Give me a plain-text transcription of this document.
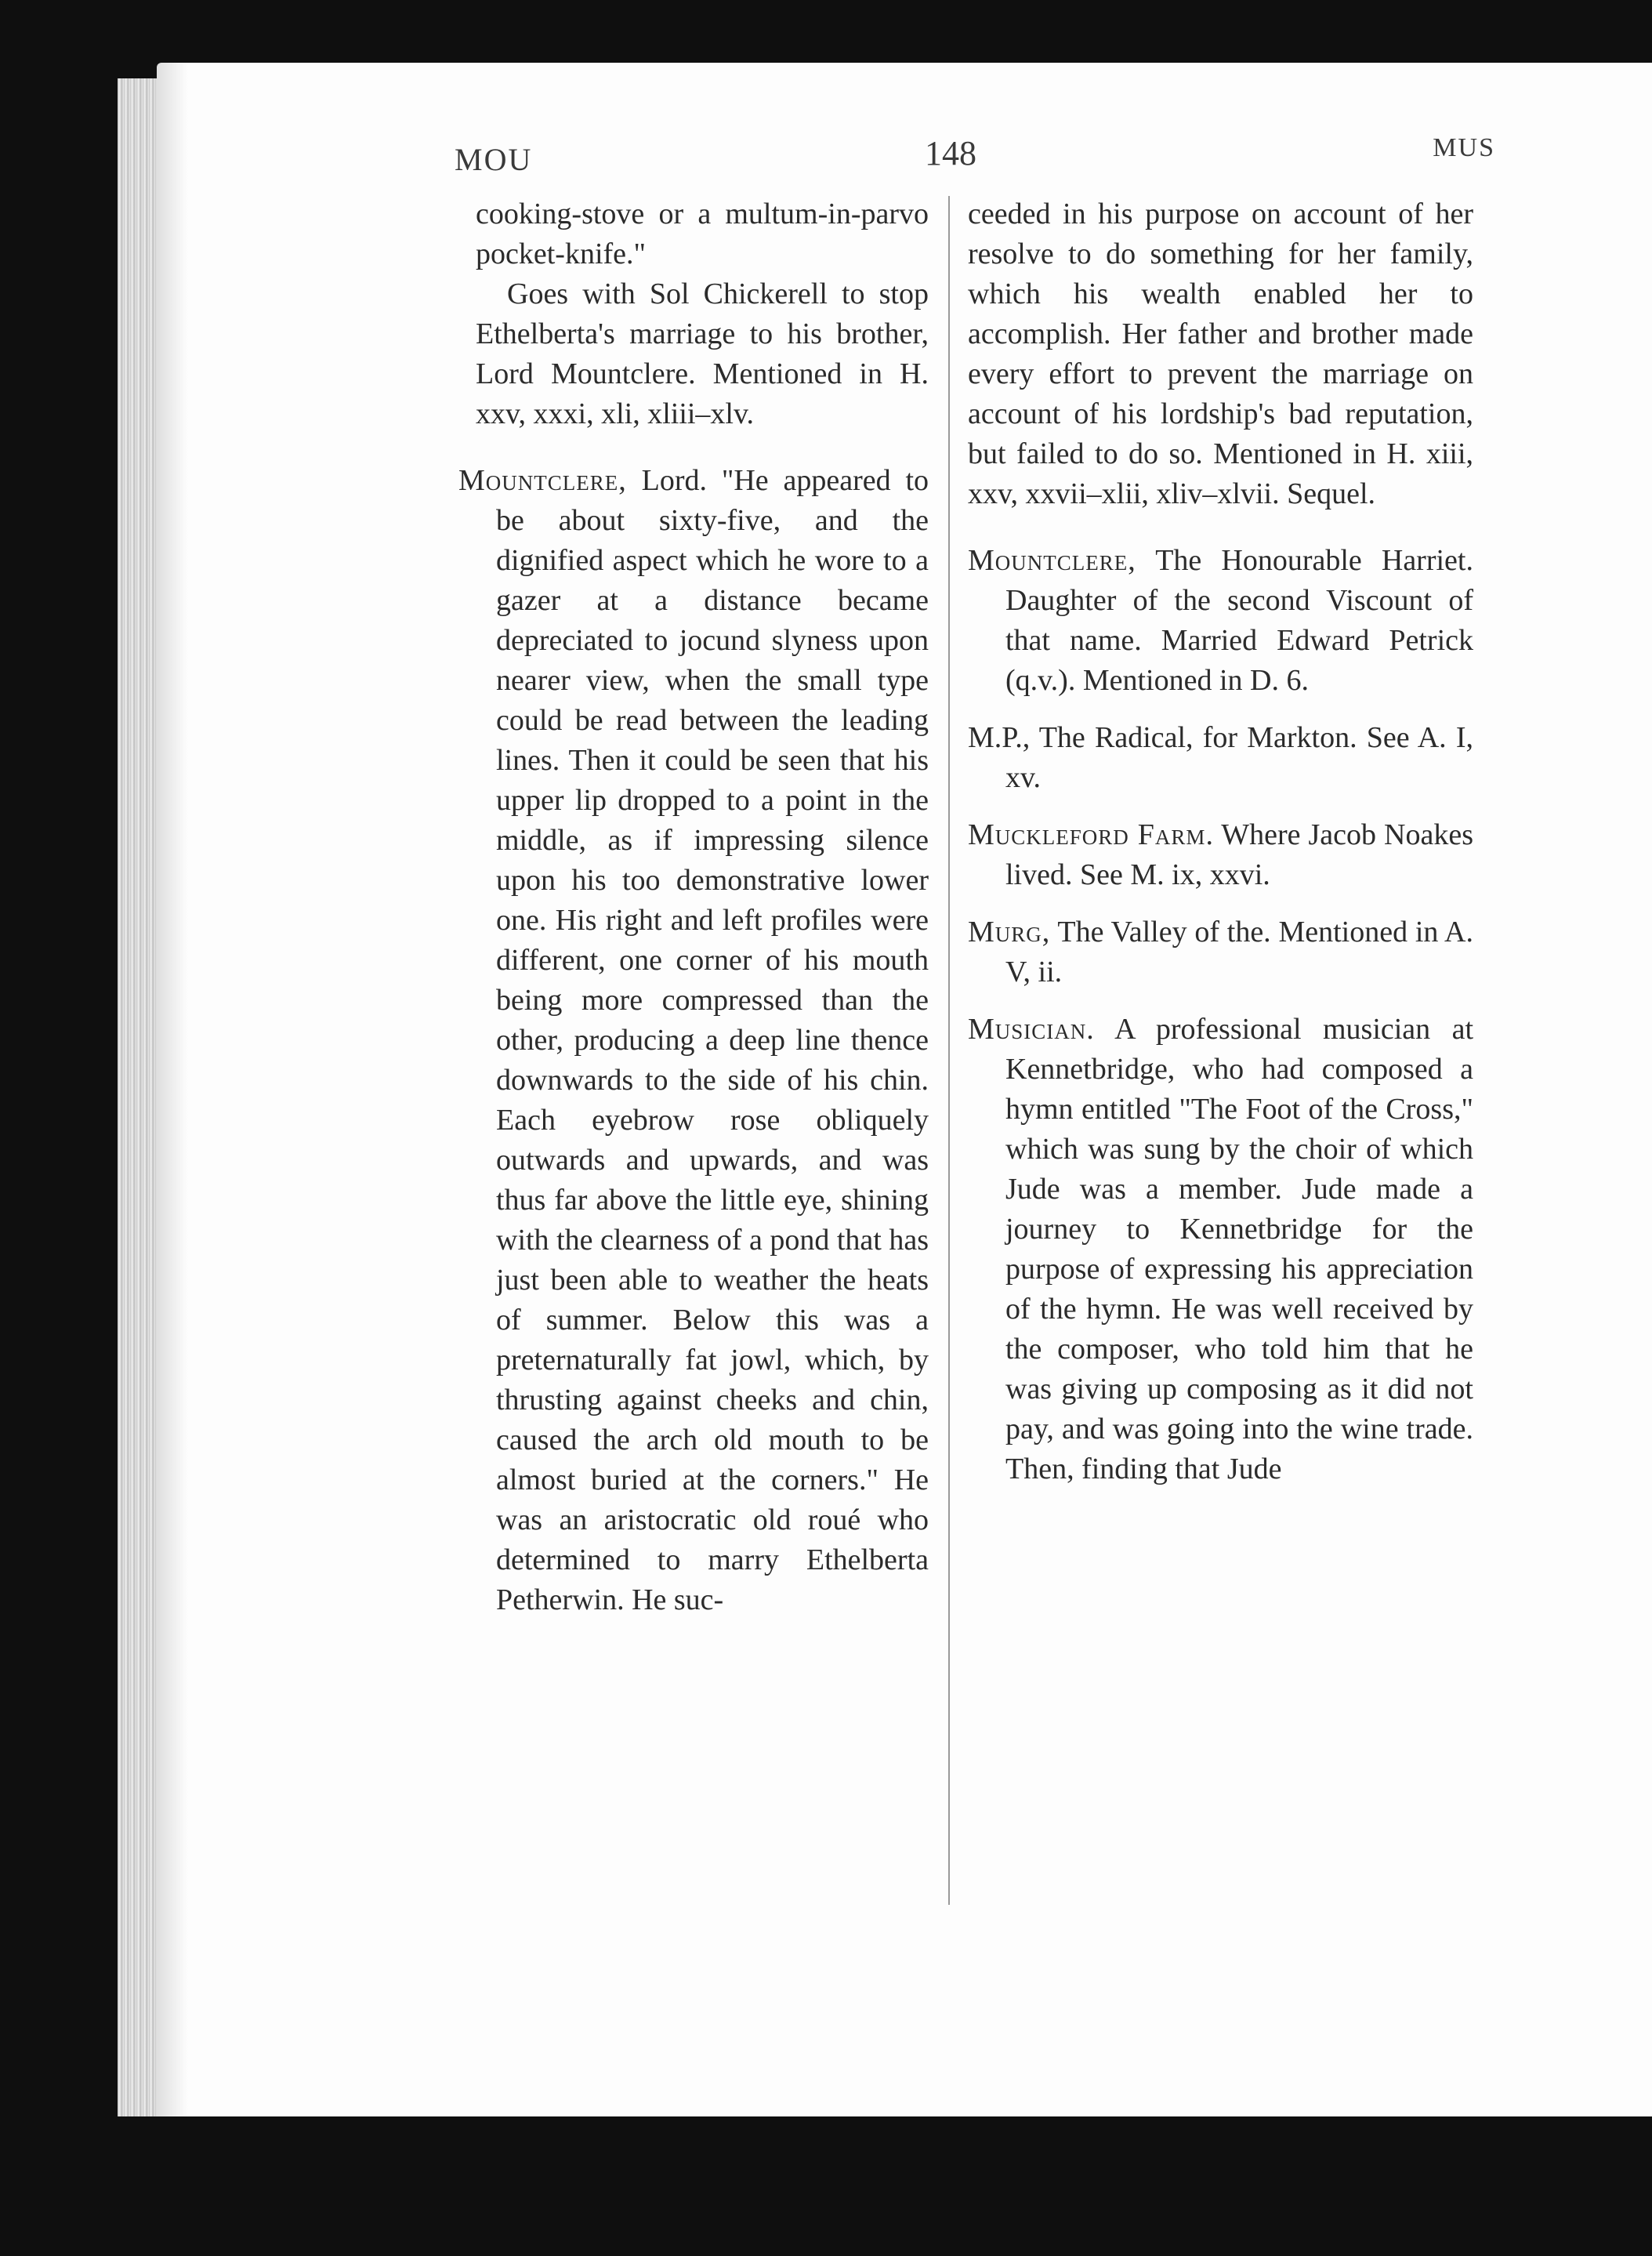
MOU	148	MUS

cooking-stove or a multum-in-parvo pocket-knife."

Goes with Sol Chickerell to stop Ethelberta's marriage to his brother, Lord Mountclere. Mentioned in H. xxv, xxxi, xli, xliii–xlv.

Mountclere, Lord. "He appeared to be about sixty-five, and the dignified aspect which he wore to a gazer at a distance became depreciated to jocund slyness upon nearer view, when the small type could be read between the leading lines. Then it could be seen that his upper lip dropped to a point in the middle, as if impressing silence upon his too demonstrative lower one. His right and left profiles were different, one corner of his mouth being more compressed than the other, producing a deep line thence downwards to the side of his chin. Each eyebrow rose obliquely outwards and upwards, and was thus far above the little eye, shining with the clearness of a pond that has just been able to weather the heats of summer. Below this was a preternaturally fat jowl, which, by thrusting against cheeks and chin, caused the arch old mouth to be almost buried at the corners." He was an aristocratic old roué who determined to marry Ethelberta Petherwin. He suc-

ceeded in his purpose on account of her resolve to do something for her family, which his wealth enabled her to accomplish. Her father and brother made every effort to prevent the marriage on account of his lordship's bad reputation, but failed to do so. Mentioned in H. xiii, xxv, xxvii–xlii, xliv–xlvii. Sequel.

Mountclere, The Honourable Harriet. Daughter of the second Viscount of that name. Married Edward Petrick (q.v.). Mentioned in D. 6.

M.P., The Radical, for Markton. See A. I, xv.

Muckleford Farm. Where Jacob Noakes lived. See M. ix, xxvi.

Murg, The Valley of the. Mentioned in A. V, ii.

Musician. A professional musician at Kennetbridge, who had composed a hymn entitled "The Foot of the Cross," which was sung by the choir of which Jude was a member. Jude made a journey to Kennetbridge for the purpose of expressing his appreciation of the hymn. He was well received by the composer, who told him that he was giving up composing as it did not pay, and was going into the wine trade. Then, finding that Jude
